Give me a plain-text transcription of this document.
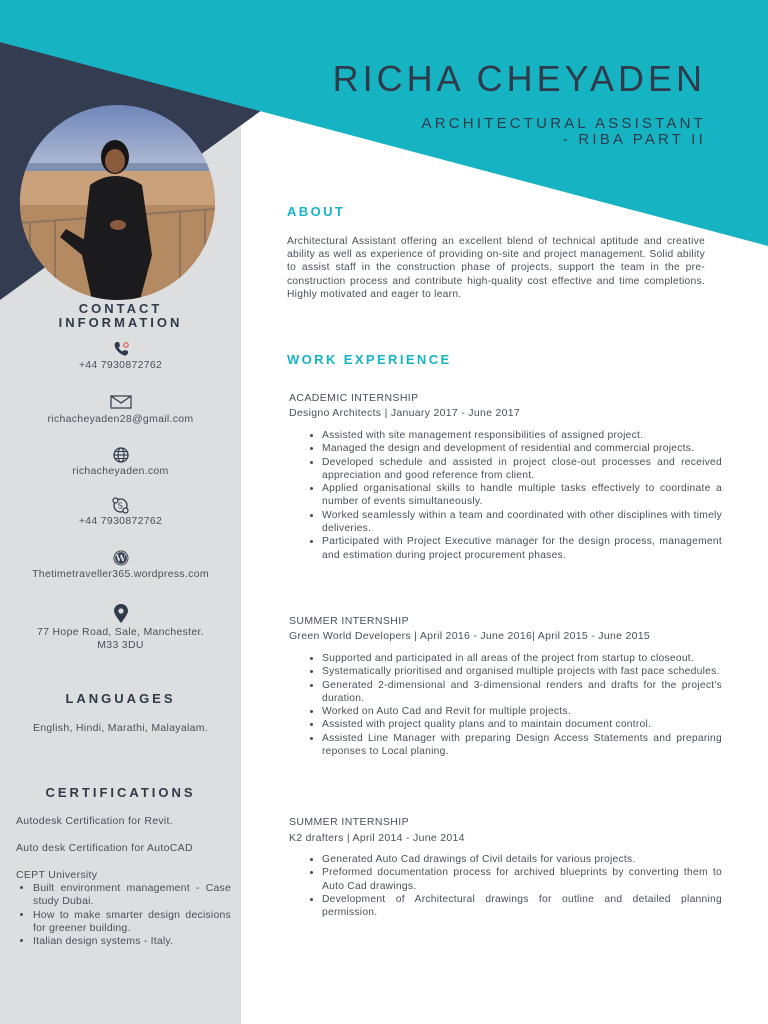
RICHA CHEYADEN
ARCHITECTURAL ASSISTANT
- RIBA PART II
CONTACT
INFORMATION
+44 7930872762
richacheyaden28@gmail.com
richacheyaden.com
S
+44 7930872762
W
Thetimetraveller365.wordpress.com
77 Hope Road, Sale, Manchester.
M33 3DU
LANGUAGES
English, Hindi, Marathi, Malayalam.
CERTIFICATIONS
Autodesk Certification for Revit.
Auto desk Certification for AutoCAD
CEPT University
• Built environment management - Case study Dubai.
• How to make smarter design decisions for greener building.
• Italian design systems - Italy.
ABOUT
Architectural Assistant offering an excellent blend of technical aptitude and creative ability as well as experience of providing on-site and project management. Solid ability to assist staff in the construction phase of projects, support the team in the pre-construction process and contribute high-quality cost effective and time completions. Highly motivated and eager to learn.
WORK EXPERIENCE
ACADEMIC INTERNSHIP
Designo Architects | January 2017 - June 2017
• Assisted with site management responsibilities of assigned project.
• Managed the design and development of residential and commercial projects.
• Developed schedule and assisted in project close-out processes and received appreciation and good reference from client.
• Applied organisational skills to handle multiple tasks effectively to coordinate a number of events simultaneously.
• Worked seamlessly within a team and coordinated with other disciplines with timely deliveries.
• Participated with Project Executive manager for the design process, management and estimation during project procurement phases.
SUMMER INTERNSHIP
Green World Developers | April 2016 - June 2016| April 2015 - June 2015
• Supported and participated in all areas of the project from startup to closeout.
• Systematically prioritised and organised multiple projects with fast pace schedules.
• Generated 2-dimensional and 3-dimensional renders and drafts for the project's duration.
• Worked on Auto Cad and Revit for multiple projects.
• Assisted with project quality plans and to maintain document control.
• Assisted Line Manager with preparing Design Access Statements and preparing reponses to Local planing.
SUMMER INTERNSHIP
K2 drafters | April 2014 - June 2014
• Generated Auto Cad drawings of Civil details for various projects.
• Preformed documentation process for archived blueprints by converting them to Auto Cad drawings.
• Development of Architectural drawings for outline and detailed planning permission.
